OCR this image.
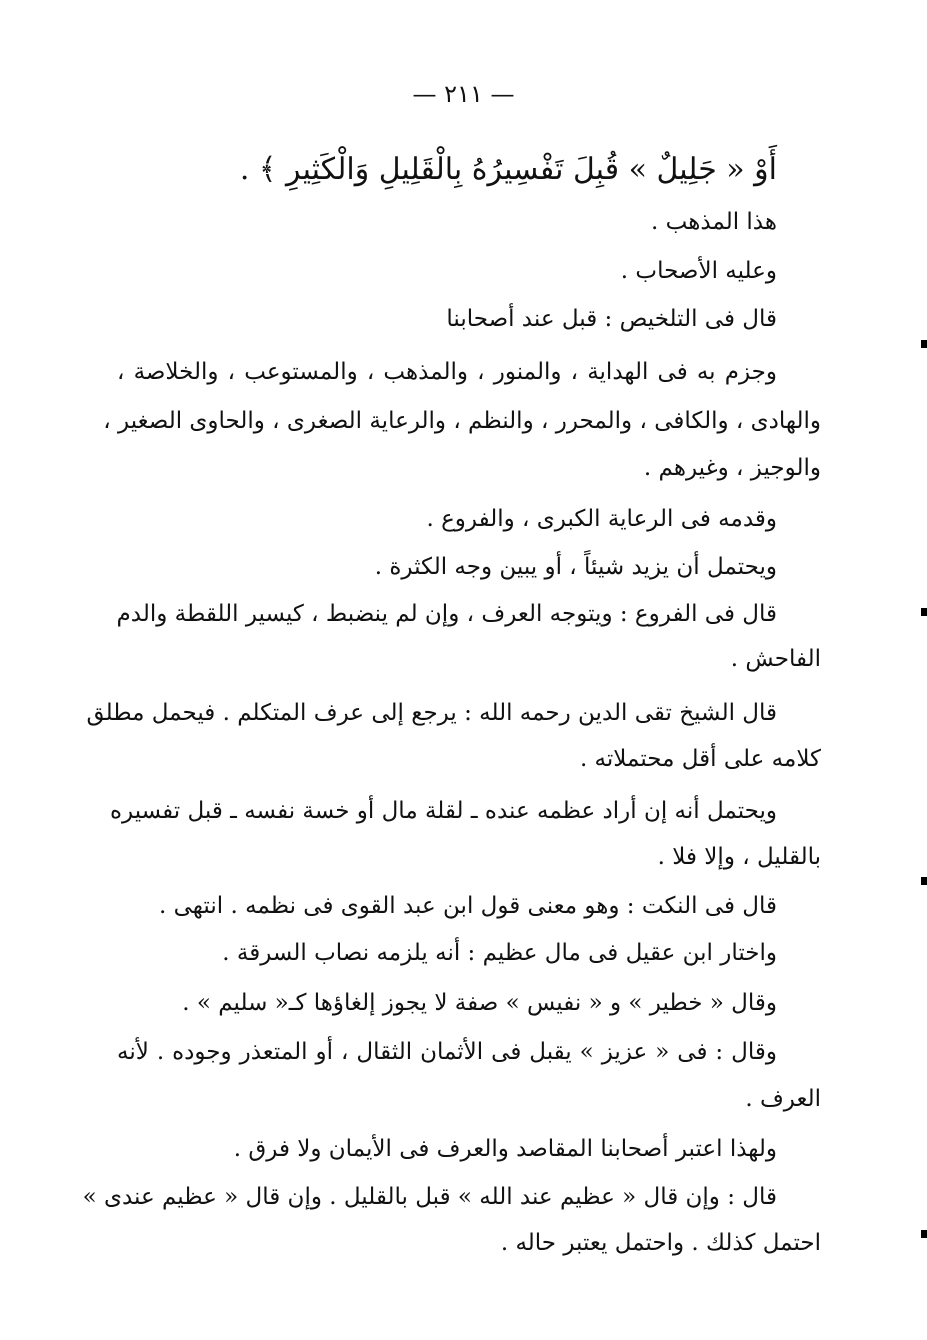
— ٢١١ —
أَوْ « جَلِيلٌ » قُبِلَ تَفْسِيرُهُ بِالْقَلِيلِ وَالْكَثِيرِ ﴾ .
هذا المذهب .
وعليه الأصحاب .
قال فى التلخيص : قبل عند أصحابنا
وجزم به فى الهداية ، والمنور ، والمذهب ، والمستوعب ، والخلاصة ،
والهادى ، والكافى ، والمحرر ، والنظم ، والرعاية الصغرى ، والحاوى الصغير ،
والوجيز ، وغيرهم .
وقدمه فى الرعاية الكبرى ، والفروع .
ويحتمل أن يزيد شيئاً ، أو يبين وجه الكثرة .
قال فى الفروع : ويتوجه العرف ، وإن لم ينضبط ، كيسير اللقطة والدم
الفاحش .
قال الشيخ تقى الدين رحمه الله : يرجع إلى عرف المتكلم . فيحمل مطلق
كلامه على أقل محتملاته .
ويحتمل أنه إن أراد عظمه عنده ـ لقلة مال أو خسة نفسه ـ قبل تفسيره
بالقليل ، وإلا فلا .
قال فى النكت : وهو معنى قول ابن عبد القوى فى نظمه . انتهى .
واختار ابن عقيل فى مال عظيم : أنه يلزمه نصاب السرقة .
وقال « خطير » و « نفيس » صفة لا يجوز إلغاؤها كـ« سليم » .
وقال : فى « عزيز » يقبل فى الأثمان الثقال ، أو المتعذر وجوده . لأنه
العرف .
ولهذا اعتبر أصحابنا المقاصد والعرف فى الأيمان ولا فرق .
قال : وإن قال « عظيم عند الله » قبل بالقليل . وإن قال « عظيم عندى »
احتمل كذلك . واحتمل يعتبر حاله .
